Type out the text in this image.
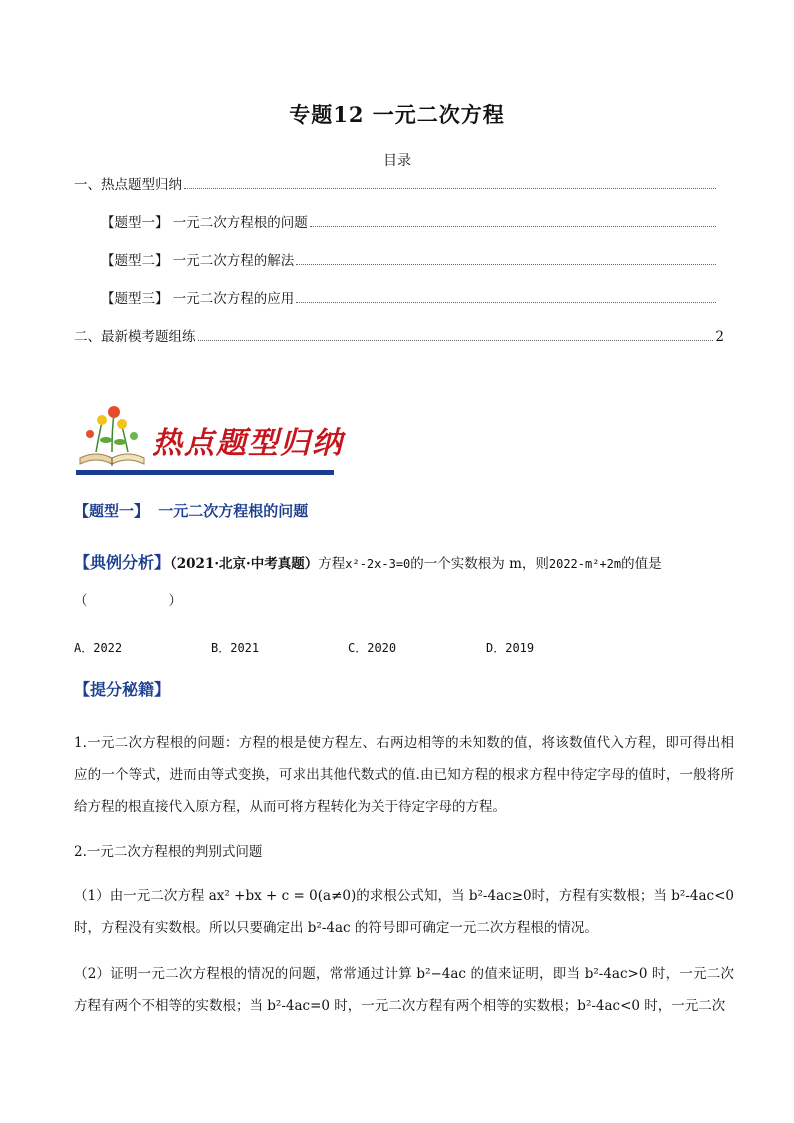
专题12 一元二次方程
目录
一、热点题型归纳
【题型一】 一元二次方程根的问题
【题型二】 一元二次方程的解法
【题型三】 一元二次方程的应用
二、最新模考题组练	2
热点题型归纳
【题型一】 一元二次方程根的问题
【典例分析】（2021·北京·中考真题）方程x²-2x-3=0的一个实数根为 m，则2022-m²+2m的值是
（　　　　　　）
A．2022	B．2021	C．2020	D．2019
【提分秘籍】
1.一元二次方程根的问题：方程的根是使方程左、右两边相等的未知数的值，将该数值代入方程，即可得出相应的一个等式，进而由等式变换，可求出其他代数式的值.由已知方程的根求方程中待定字母的值时，一般将所给方程的根直接代入原方程，从而可将方程转化为关于待定字母的方程。
2.一元二次方程根的判别式问题
（1）由一元二次方程 ax² +bx + c = 0(a≠0)的求根公式知，当 b²-4ac≥0时，方程有实数根；当 b²-4ac<0时，方程没有实数根。所以只要确定出 b²-4ac 的符号即可确定一元二次方程根的情况。
（2）证明一元二次方程根的情况的问题，常常通过计算 b²−4ac 的值来证明，即当 b²-4ac>0 时，一元二次方程有两个不相等的实数根；当 b²-4ac=0 时，一元二次方程有两个相等的实数根；b²-4ac<0 时，一元二次
